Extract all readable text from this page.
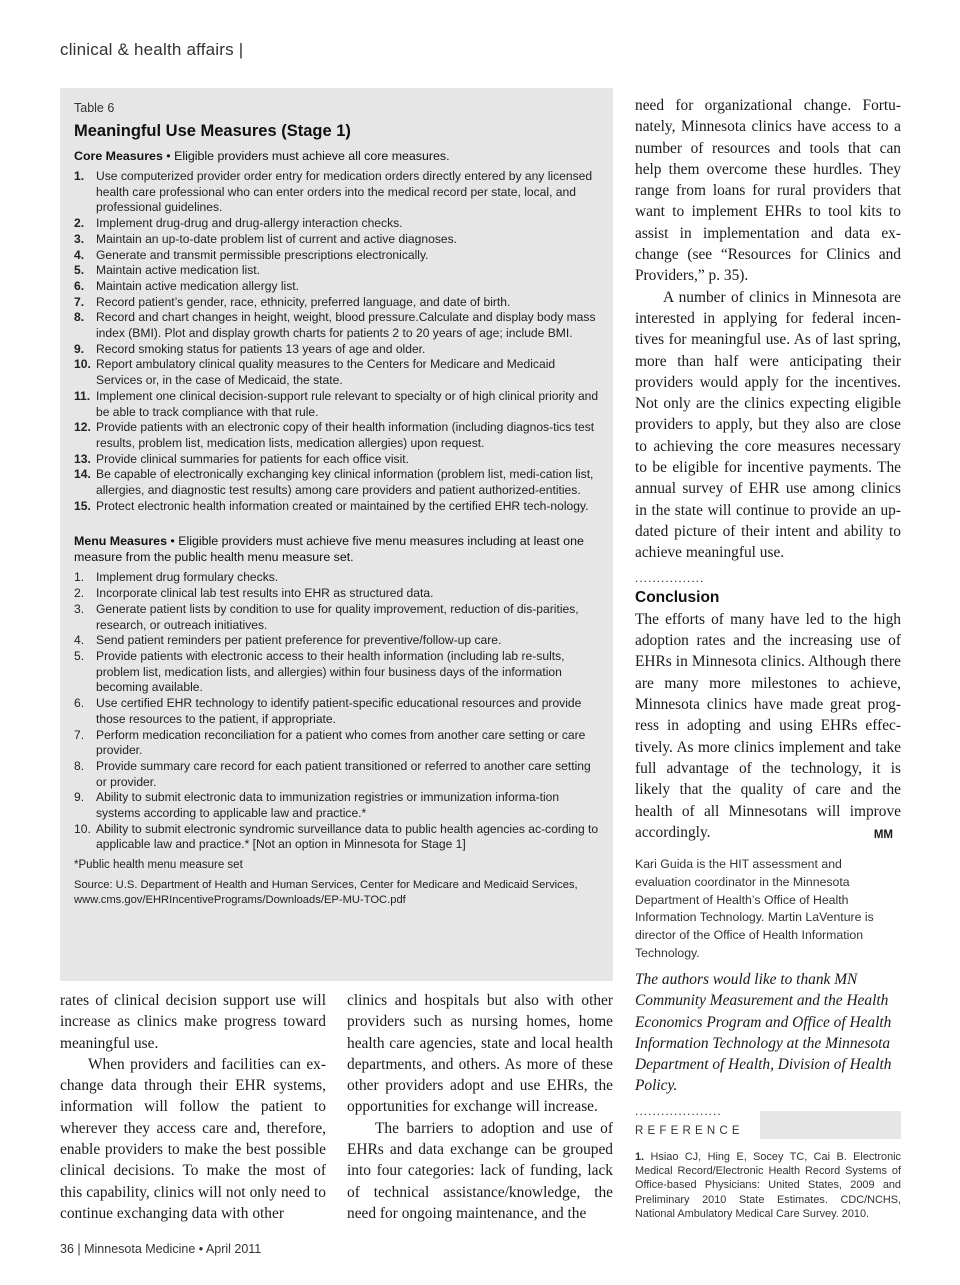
clinical & health affairs |
Table 6
Meaningful Use Measures (Stage 1)
Core Measures • Eligible providers must achieve all core measures.
1. Use computerized provider order entry for medication orders directly entered by any licensed health care professional who can enter orders into the medical record per state, local, and professional guidelines.
2. Implement drug-drug and drug-allergy interaction checks.
3. Maintain an up-to-date problem list of current and active diagnoses.
4. Generate and transmit permissible prescriptions electronically.
5. Maintain active medication list.
6. Maintain active medication allergy list.
7. Record patient’s gender, race, ethnicity, preferred language, and date of birth.
8. Record and chart changes in height, weight, blood pressure.Calculate and display body mass index (BMI). Plot and display growth charts for patients 2 to 20 years of age; include BMI.
9. Record smoking status for patients 13 years of age and older.
10. Report ambulatory clinical quality measures to the Centers for Medicare and Medicaid Services or, in the case of Medicaid, the state.
11. Implement one clinical decision-support rule relevant to specialty or of high clinical priority and be able to track compliance with that rule.
12. Provide patients with an electronic copy of their health information (including diagnos-tics test results, problem list, medication lists, medication allergies) upon request.
13. Provide clinical summaries for patients for each office visit.
14. Be capable of electronically exchanging key clinical information (problem list, medi-cation list, allergies, and diagnostic test results) among care providers and patient authorized-entities.
15. Protect electronic health information created or maintained by the certified EHR tech-nology.
Menu Measures • Eligible providers must achieve five menu measures including at least one measure from the public health menu measure set.
1. Implement drug formulary checks.
2. Incorporate clinical lab test results into EHR as structured data.
3. Generate patient lists by condition to use for quality improvement, reduction of dis-parities, research, or outreach initiatives.
4. Send patient reminders per patient preference for preventive/follow-up care.
5. Provide patients with electronic access to their health information (including lab re-sults, problem list, medication lists, and allergies) within four business days of the information becoming available.
6. Use certified EHR technology to identify patient-specific educational resources and provide those resources to the patient, if appropriate.
7. Perform medication reconciliation for a patient who comes from another care setting or care provider.
8. Provide summary care record for each patient transitioned or referred to another care setting or provider.
9. Ability to submit electronic data to immunization registries or immunization informa-tion systems according to applicable law and practice.*
10. Ability to submit electronic syndromic surveillance data to public health agencies ac-cording to applicable law and practice.* [Not an option in Minnesota for Stage 1]
*Public health menu measure set
Source: U.S. Department of Health and Human Services, Center for Medicare and Medicaid Services, www.cms.gov/EHRIncentivePrograms/Downloads/EP-MU-TOC.pdf

rates of clinical decision support use will increase as clinics make progress toward meaningful use.

When providers and facilities can ex-change data through their EHR systems, information will follow the patient to wherever they access care and, therefore, enable providers to make the best possible clinical decisions. To make the most of this capability, clinics will not only need to continue exchanging data with other

clinics and hospitals but also with other providers such as nursing homes, home health care agencies, state and local health departments, and others. As more of these other providers adopt and use EHRs, the opportunities for exchange will increase.

The barriers to adoption and use of EHRs and data exchange can be grouped into four categories: lack of funding, lack of technical assistance/knowledge, the need for ongoing maintenance, and the

need for organizational change. Fortu-nately, Minnesota clinics have access to a number of resources and tools that can help them overcome these hurdles. They range from loans for rural providers that want to implement EHRs to tool kits to assist in implementation and data ex-change (see “Resources for Clinics and Providers,” p. 35).

A number of clinics in Minnesota are interested in applying for federal incen-tives for meaningful use. As of last spring, more than half were anticipating their providers would apply for the incentives. Not only are the clinics expecting eligible providers to apply, but they also are close to achieving the core measures necessary to be eligible for incentive payments. The annual survey of EHR use among clinics in the state will continue to provide an up-dated picture of their intent and ability to achieve meaningful use.

................
Conclusion

The efforts of many have led to the high adoption rates and the increasing use of EHRs in Minnesota clinics. Although there are many more milestones to achieve, Minnesota clinics have made great prog-ress in adopting and using EHRs effec-tively. As more clinics implement and take full advantage of the technology, it is likely that the quality of care and the health of all Minnesotans will improve accordingly.	MM

Kari Guida is the HIT assessment and evaluation coordinator in the Minnesota Department of Health’s Office of Health Information Technology. Martin LaVenture is director of the Office of Health Information Technology.
The authors would like to thank MN Community Measurement and the Health Economics Program and Office of Health Information Technology at the Minnesota Department of Health, Division of Health Policy.
....................
REFERENCE
1. Hsiao CJ, Hing E, Socey TC, Cai B. Electronic Medical Record/Electronic Health Record Systems of Office-based Physicians: United States, 2009 and Preliminary 2010 State Estimates. CDC/NCHS, National Ambulatory Medical Care Survey. 2010.
36 | Minnesota Medicine • April 2011
